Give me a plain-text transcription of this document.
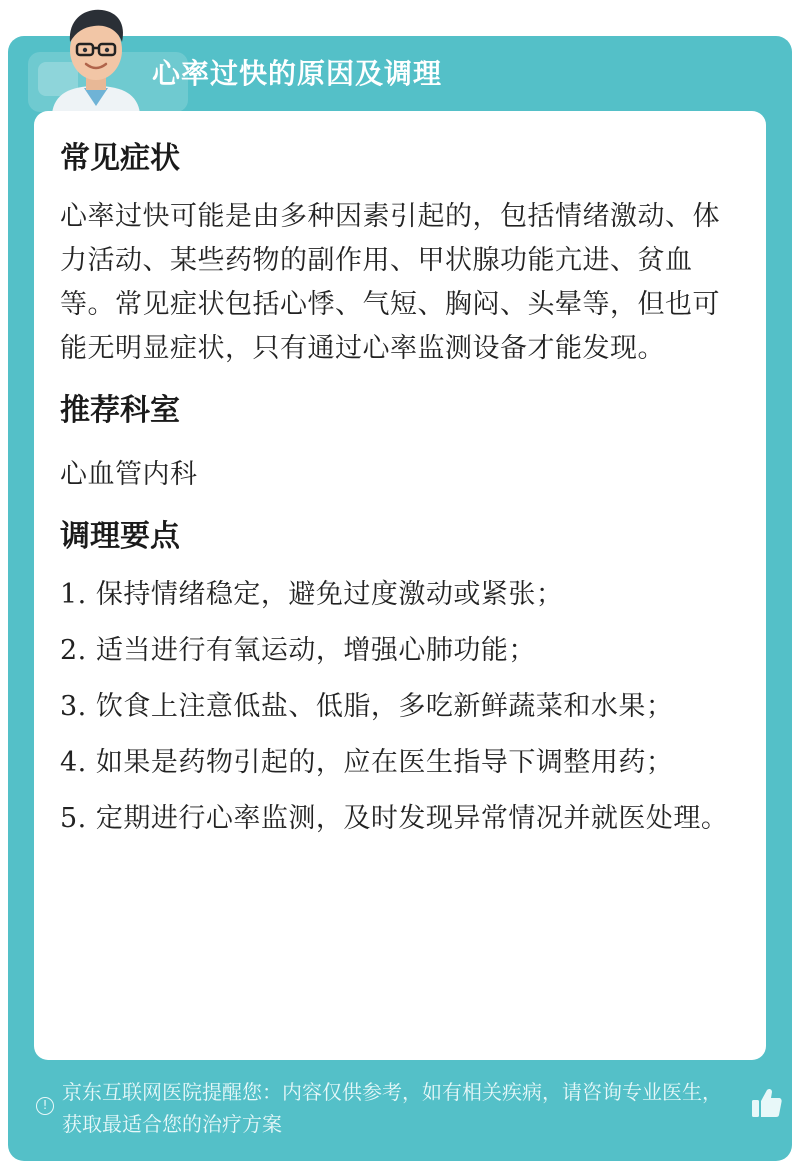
心率过快的原因及调理
常见症状

心率过快可能是由多种因素引起的，包括情绪激动、体力活动、某些药物的副作用、甲状腺功能亢进、贫血等。常见症状包括心悸、气短、胸闷、头晕等，但也可能无明显症状，只有通过心率监测设备才能发现。

推荐科室

心血管内科

调理要点
1. 保持情绪稳定，避免过度激动或紧张；
2. 适当进行有氧运动，增强心肺功能；
3. 饮食上注意低盐、低脂，多吃新鲜蔬菜和水果；
4. 如果是药物引起的，应在医生指导下调整用药；
5. 定期进行心率监测，及时发现异常情况并就医处理。
!
京东互联网医院提醒您：内容仅供参考，如有相关疾病，请咨询专业医生，获取最适合您的治疗方案
